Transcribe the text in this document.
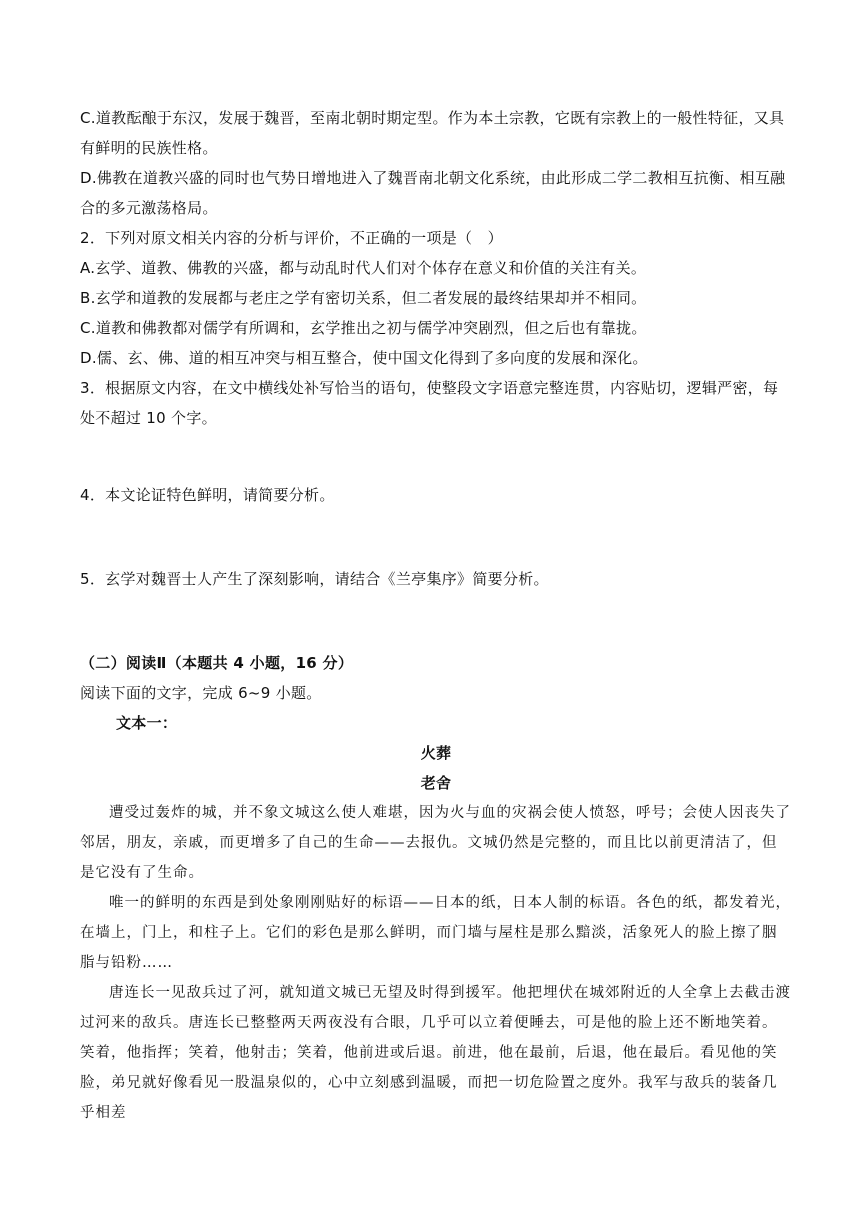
C.道教酝酿于东汉，发展于魏晋，至南北朝时期定型。作为本土宗教，它既有宗教上的一般性特征，又具有鲜明的民族性格。

D.佛教在道教兴盛的同时也气势日增地进入了魏晋南北朝文化系统，由此形成二学二教相互抗衡、相互融合的多元激荡格局。

2．下列对原文相关内容的分析与评价，不正确的一项是（　）

A.玄学、道教、佛教的兴盛，都与动乱时代人们对个体存在意义和价值的关注有关。

B.玄学和道教的发展都与老庄之学有密切关系，但二者发展的最终结果却并不相同。

C.道教和佛教都对儒学有所调和，玄学推出之初与儒学冲突剧烈，但之后也有靠拢。

D.儒、玄、佛、道的相互冲突与相互整合，使中国文化得到了多向度的发展和深化。

3．根据原文内容，在文中横线处补写恰当的语句，使整段文字语意完整连贯，内容贴切，逻辑严密，每处不超过 10 个字。

4．本文论证特色鲜明，请简要分析。

5．玄学对魏晋士人产生了深刻影响，请结合《兰亭集序》简要分析。

（二）阅读Ⅱ（本题共 4 小题，16 分）

阅读下面的文字，完成 6~9 小题。

文本一：

火葬

老舍

遭受过轰炸的城，并不象文城这么使人难堪，因为火与血的灾祸会使人愤怒，呼号；会使人因丧失了邻居，朋友，亲戚，而更增多了自己的生命——去报仇。文城仍然是完整的，而且比以前更清洁了，但是它没有了生命。

唯一的鲜明的东西是到处象刚刚贴好的标语——日本的纸，日本人制的标语。各色的纸，都发着光，在墙上，门上，和柱子上。它们的彩色是那么鲜明，而门墙与屋柱是那么黯淡，活象死人的脸上擦了胭脂与铅粉……

唐连长一见敌兵过了河，就知道文城已无望及时得到援军。他把埋伏在城郊附近的人全拿上去截击渡过河来的敌兵。唐连长已整整两天两夜没有合眼，几乎可以立着便睡去，可是他的脸上还不断地笑着。笑着，他指挥；笑着，他射击；笑着，他前进或后退。前进，他在最前，后退，他在最后。看见他的笑脸，弟兄就好像看见一股温泉似的，心中立刻感到温暖，而把一切危险置之度外。我军与敌兵的装备几乎相差
